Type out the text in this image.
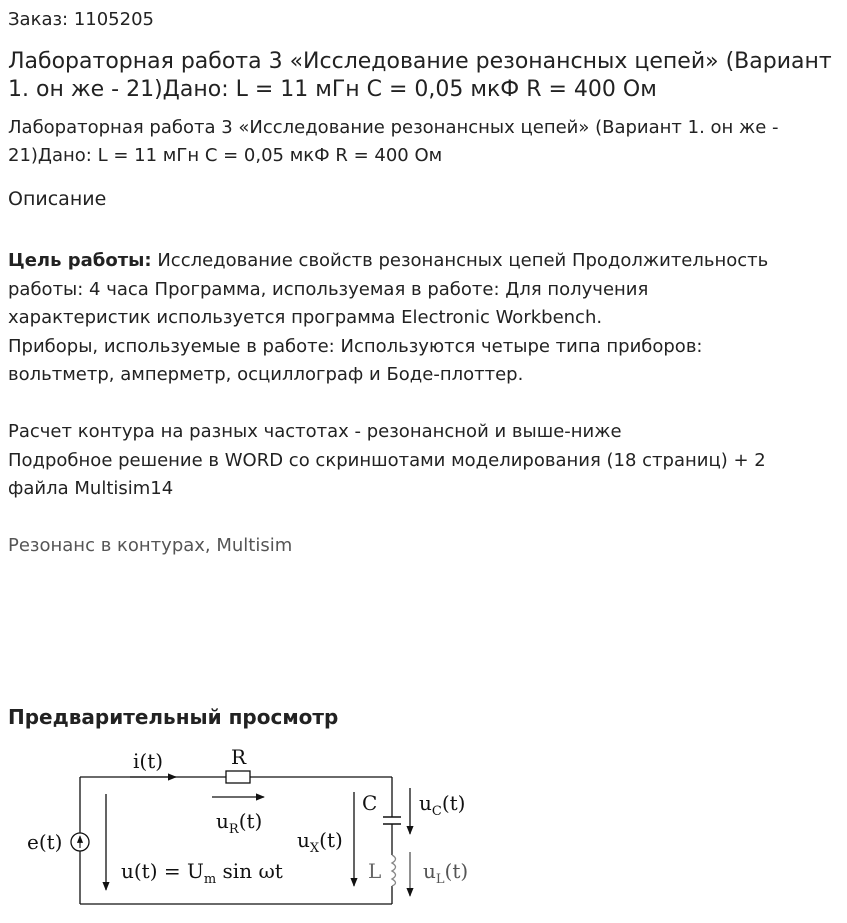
Заказ: 1105205
Лабораторная работа 3 «Исследование резонансных цепей» (Вариант 1. он же - 21)Дано: L = 11 мГн C = 0,05 мкФ R = 400 Ом
Лабораторная работа 3 «Исследование резонансных цепей» (Вариант 1. он же -
21)Дано: L = 11 мГн C = 0,05 мкФ R = 400 Ом
Описание
Цель работы: Исследование свойств резонансных цепей Продолжительность
работы: 4 часа Программа, используемая в работе: Для получения
характеристик используется программа Electronic Workbench.
Приборы, используемые в работе: Используются четыре типа приборов:
вольтметр, амперметр, осциллограф и Боде-плоттер.
Расчет контура на разных частотах - резонансной и выше-ниже
Подробное решение в WORD со скриншотами моделирования (18 страниц) + 2
файла Multisim14
Резонанс в контурах, Multisim
Предварительный просмотр
i(t)	R
$u_R(t)$
e(t)
$u(t) = U_m$ sin ωt
$u_X(t)$
C $u_C(t)$
L $u_L(t)$
